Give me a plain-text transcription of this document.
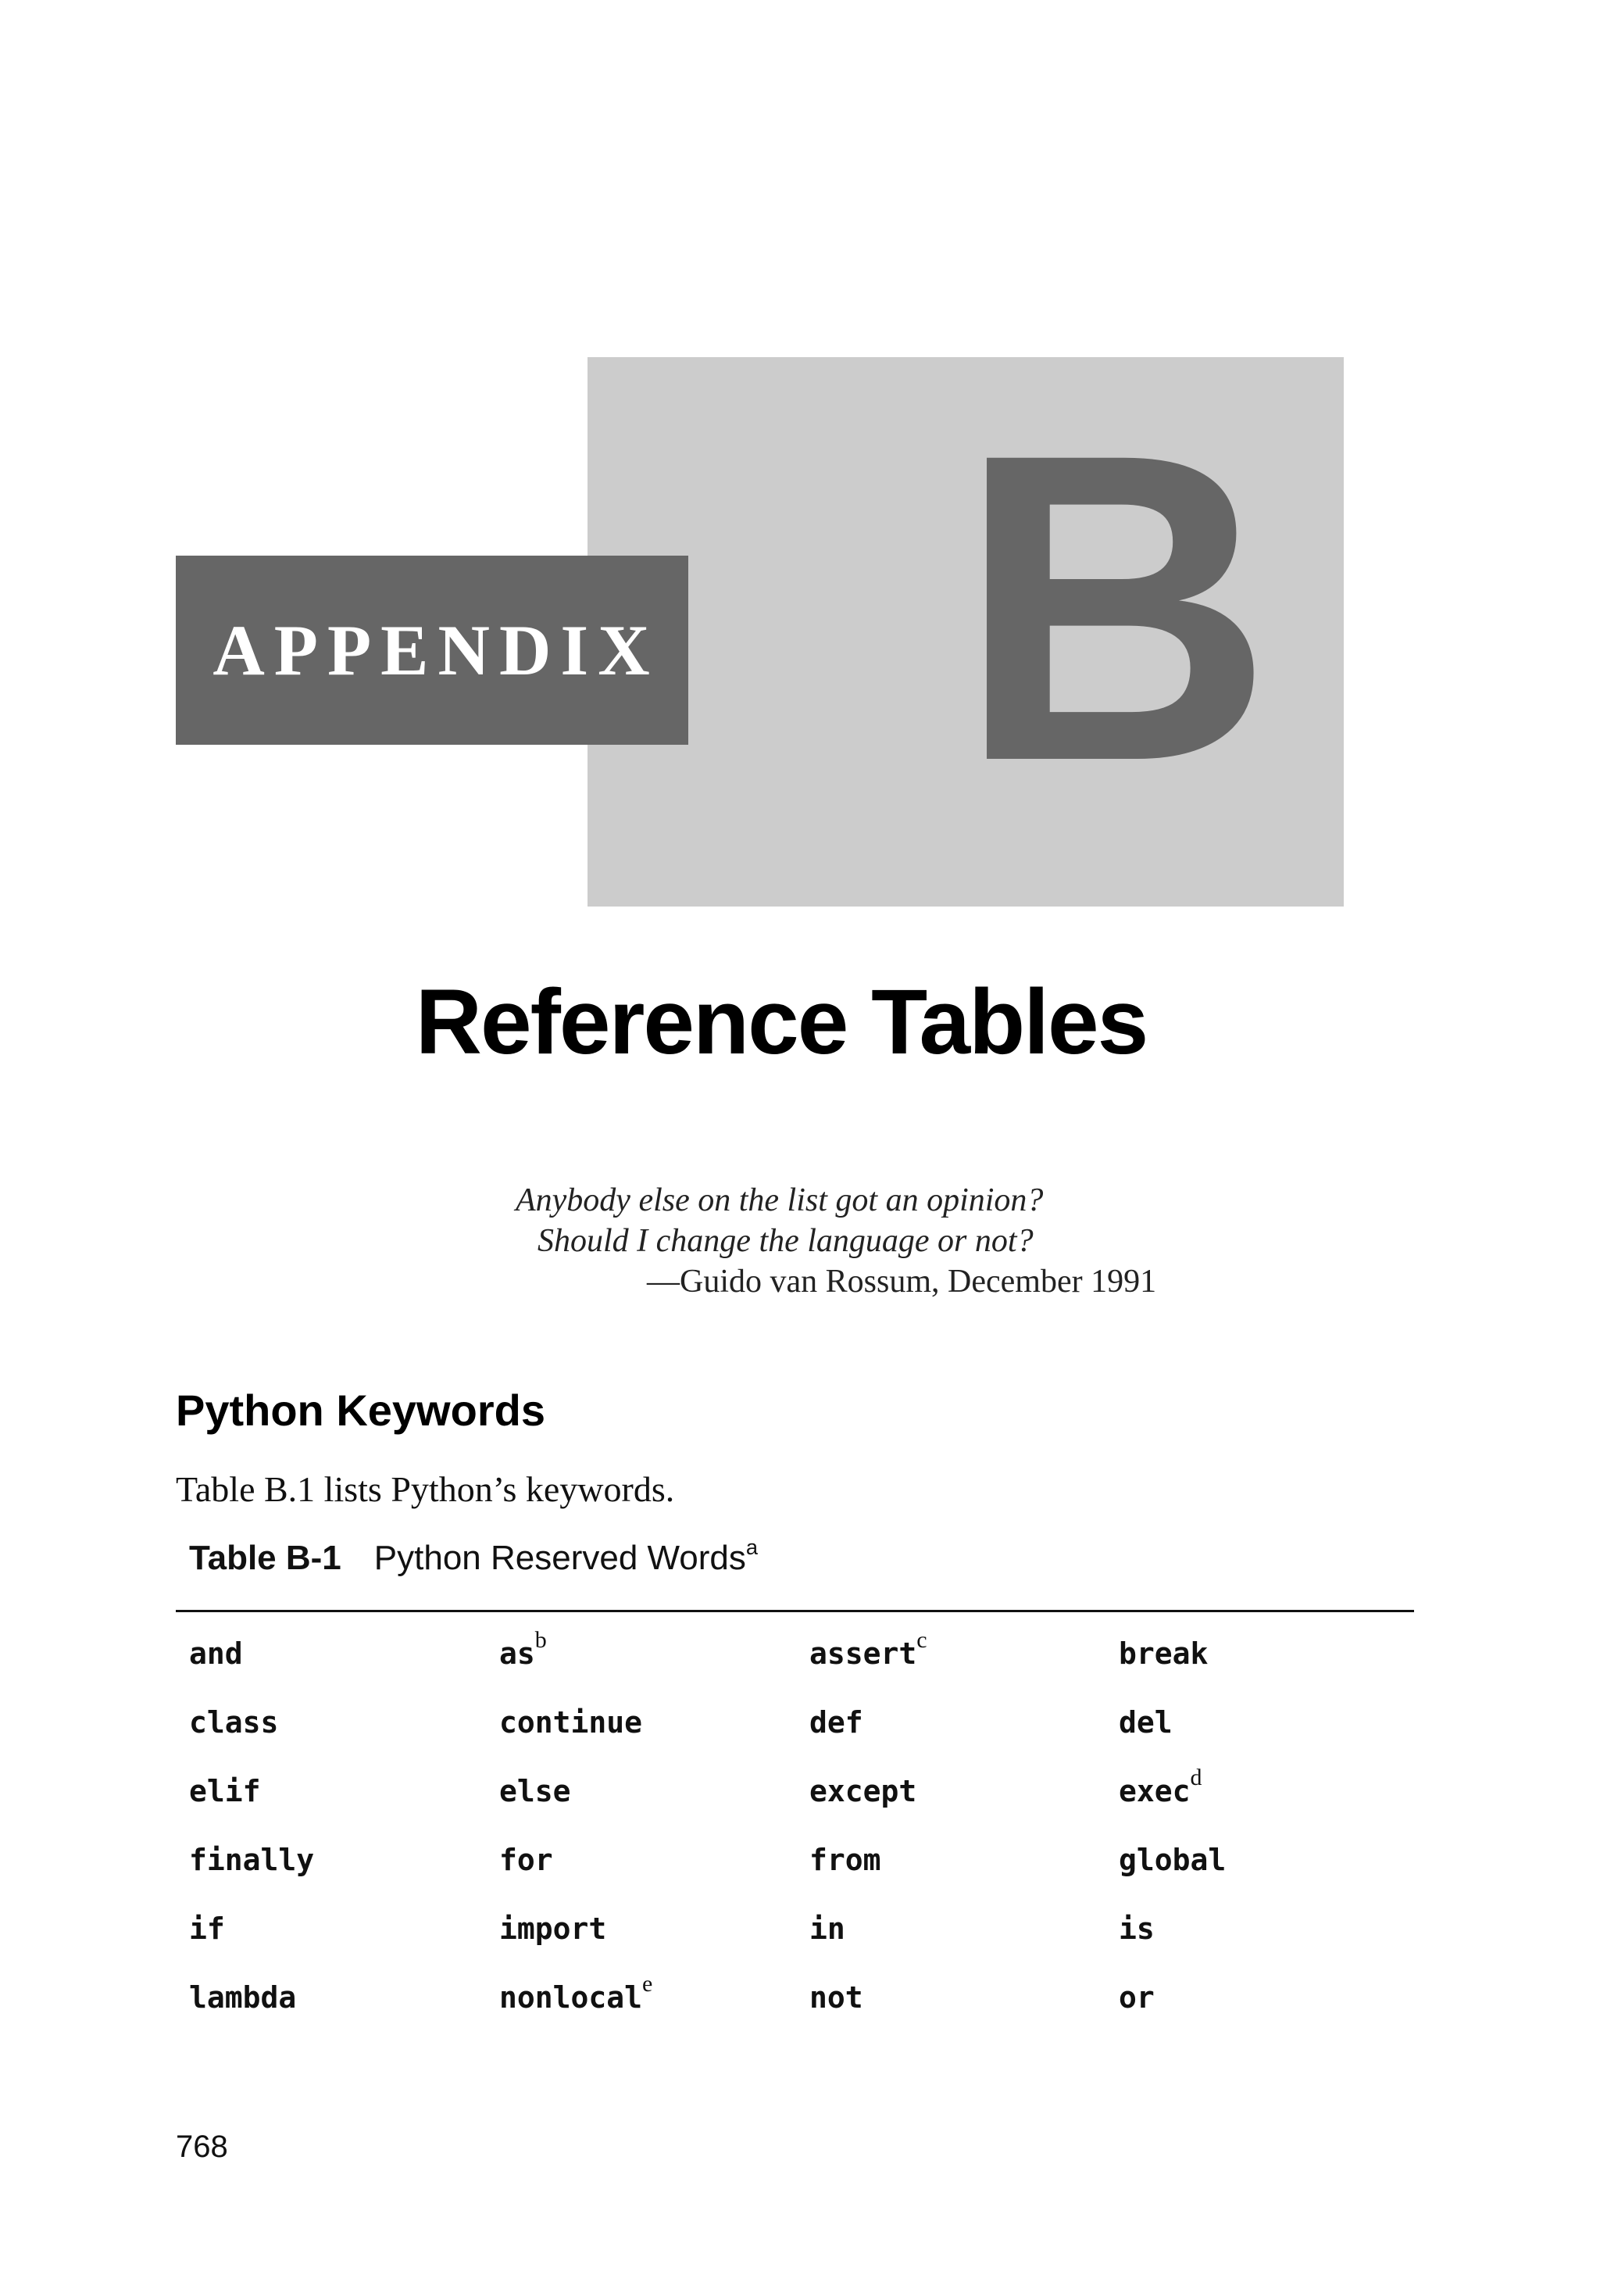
B
APPENDIX
Reference Tables
Anybody else on the list got an opinion?
Should I change the language or not?
—Guido van Rossum, December 1991
Python Keywords

Table B.1 lists Python’s keywords.

Table B-1 Python Reserved Words$^a$
and	$as^b$	assert$^c$	break
class	continue	def	del
elif	else	except	exec$^d$
finally	for	from	global
if	import	in	is
lambda	nonlocal$^e$	not	or
768
